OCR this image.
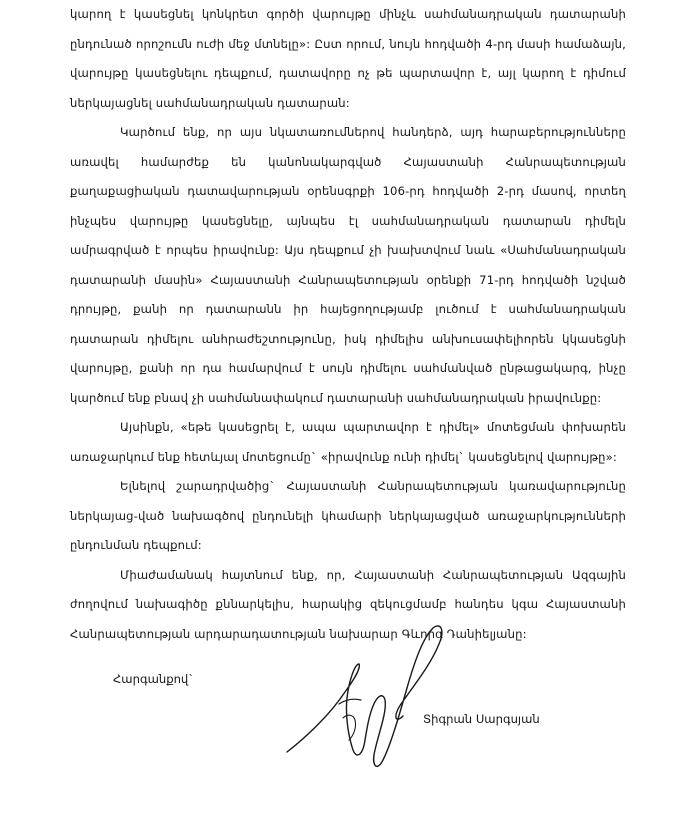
կարող է կասեցնել կոնկրետ գործի վարույթը մինչև սահմանադրական դատարանի ընդունած որոշումն ուժի մեջ մտնելը»: Ըստ որում, նույն հոդվածի 4-րդ մասի համաձայն, վարույթը կասեցնելու դեպքում, դատավորը ոչ թե պարտավոր է, այլ կարող է դիմում ներկայացնել սահմանադրական դատարան:

Կարծում ենք, որ այս նկատառումներով հանդերձ, այդ հարաբերությունները առավել համարժեք են կանոնակարգված Հայաստանի Հանրապետության քաղաքացիական դատավարության օրենսգրքի 106-րդ հոդվածի 2-րդ մասով, որտեղ ինչպես վարույթը կասեցնելը, այնպես էլ սահմանադրական դատարան դիմելն ամրագրված է որպես իրավունք: Այս դեպքում չի խախտվում նաև «Սահմանադրական դատարանի մասին» Հայաստանի Հանրապետության օրենքի 71-րդ հոդվածի նշված դրույթը, քանի որ դատարանն իր հայեցողությամբ լուծում է սահմանադրական դատարան դիմելու անհրաժեշտությունը, իսկ դիմելիս անխուսափելիորեն կկասեցնի վարույթը, քանի որ դա համարվում է սույն դիմելու սահմանված ընթացակարգ, ինչը կարծում ենք բնավ չի սահմանափակում դատարանի սահմանադրական իրավունքը:

Այսինքն, «եթե կասեցրել է, ապա պարտավոր է դիմել» մոտեցման փոխարեն առաջարկում ենք հետևյալ մոտեցումը` «իրավունք ունի դիմել` կասեցնելով վարույթը»:

Ելնելով շարադրվածից` Հայաստանի Հանրապետության կառավարությունը ներկայաց-ված նախագծով ընդունելի կհամարի ներկայացված առաջարկությունների ընդունման դեպքում:

Միաժամանակ հայտնում ենք, որ, Հայաստանի Հանրապետության Ազգային ժողովում նախագիծը քննարկելիս, հարակից զեկուցմամբ հանդես կգա Հայաստանի Հանրապետության արդարադատության նախարար Գևորգ Դանիելյանը:

Հարգանքով`
Տիգրան Սարգսյան
